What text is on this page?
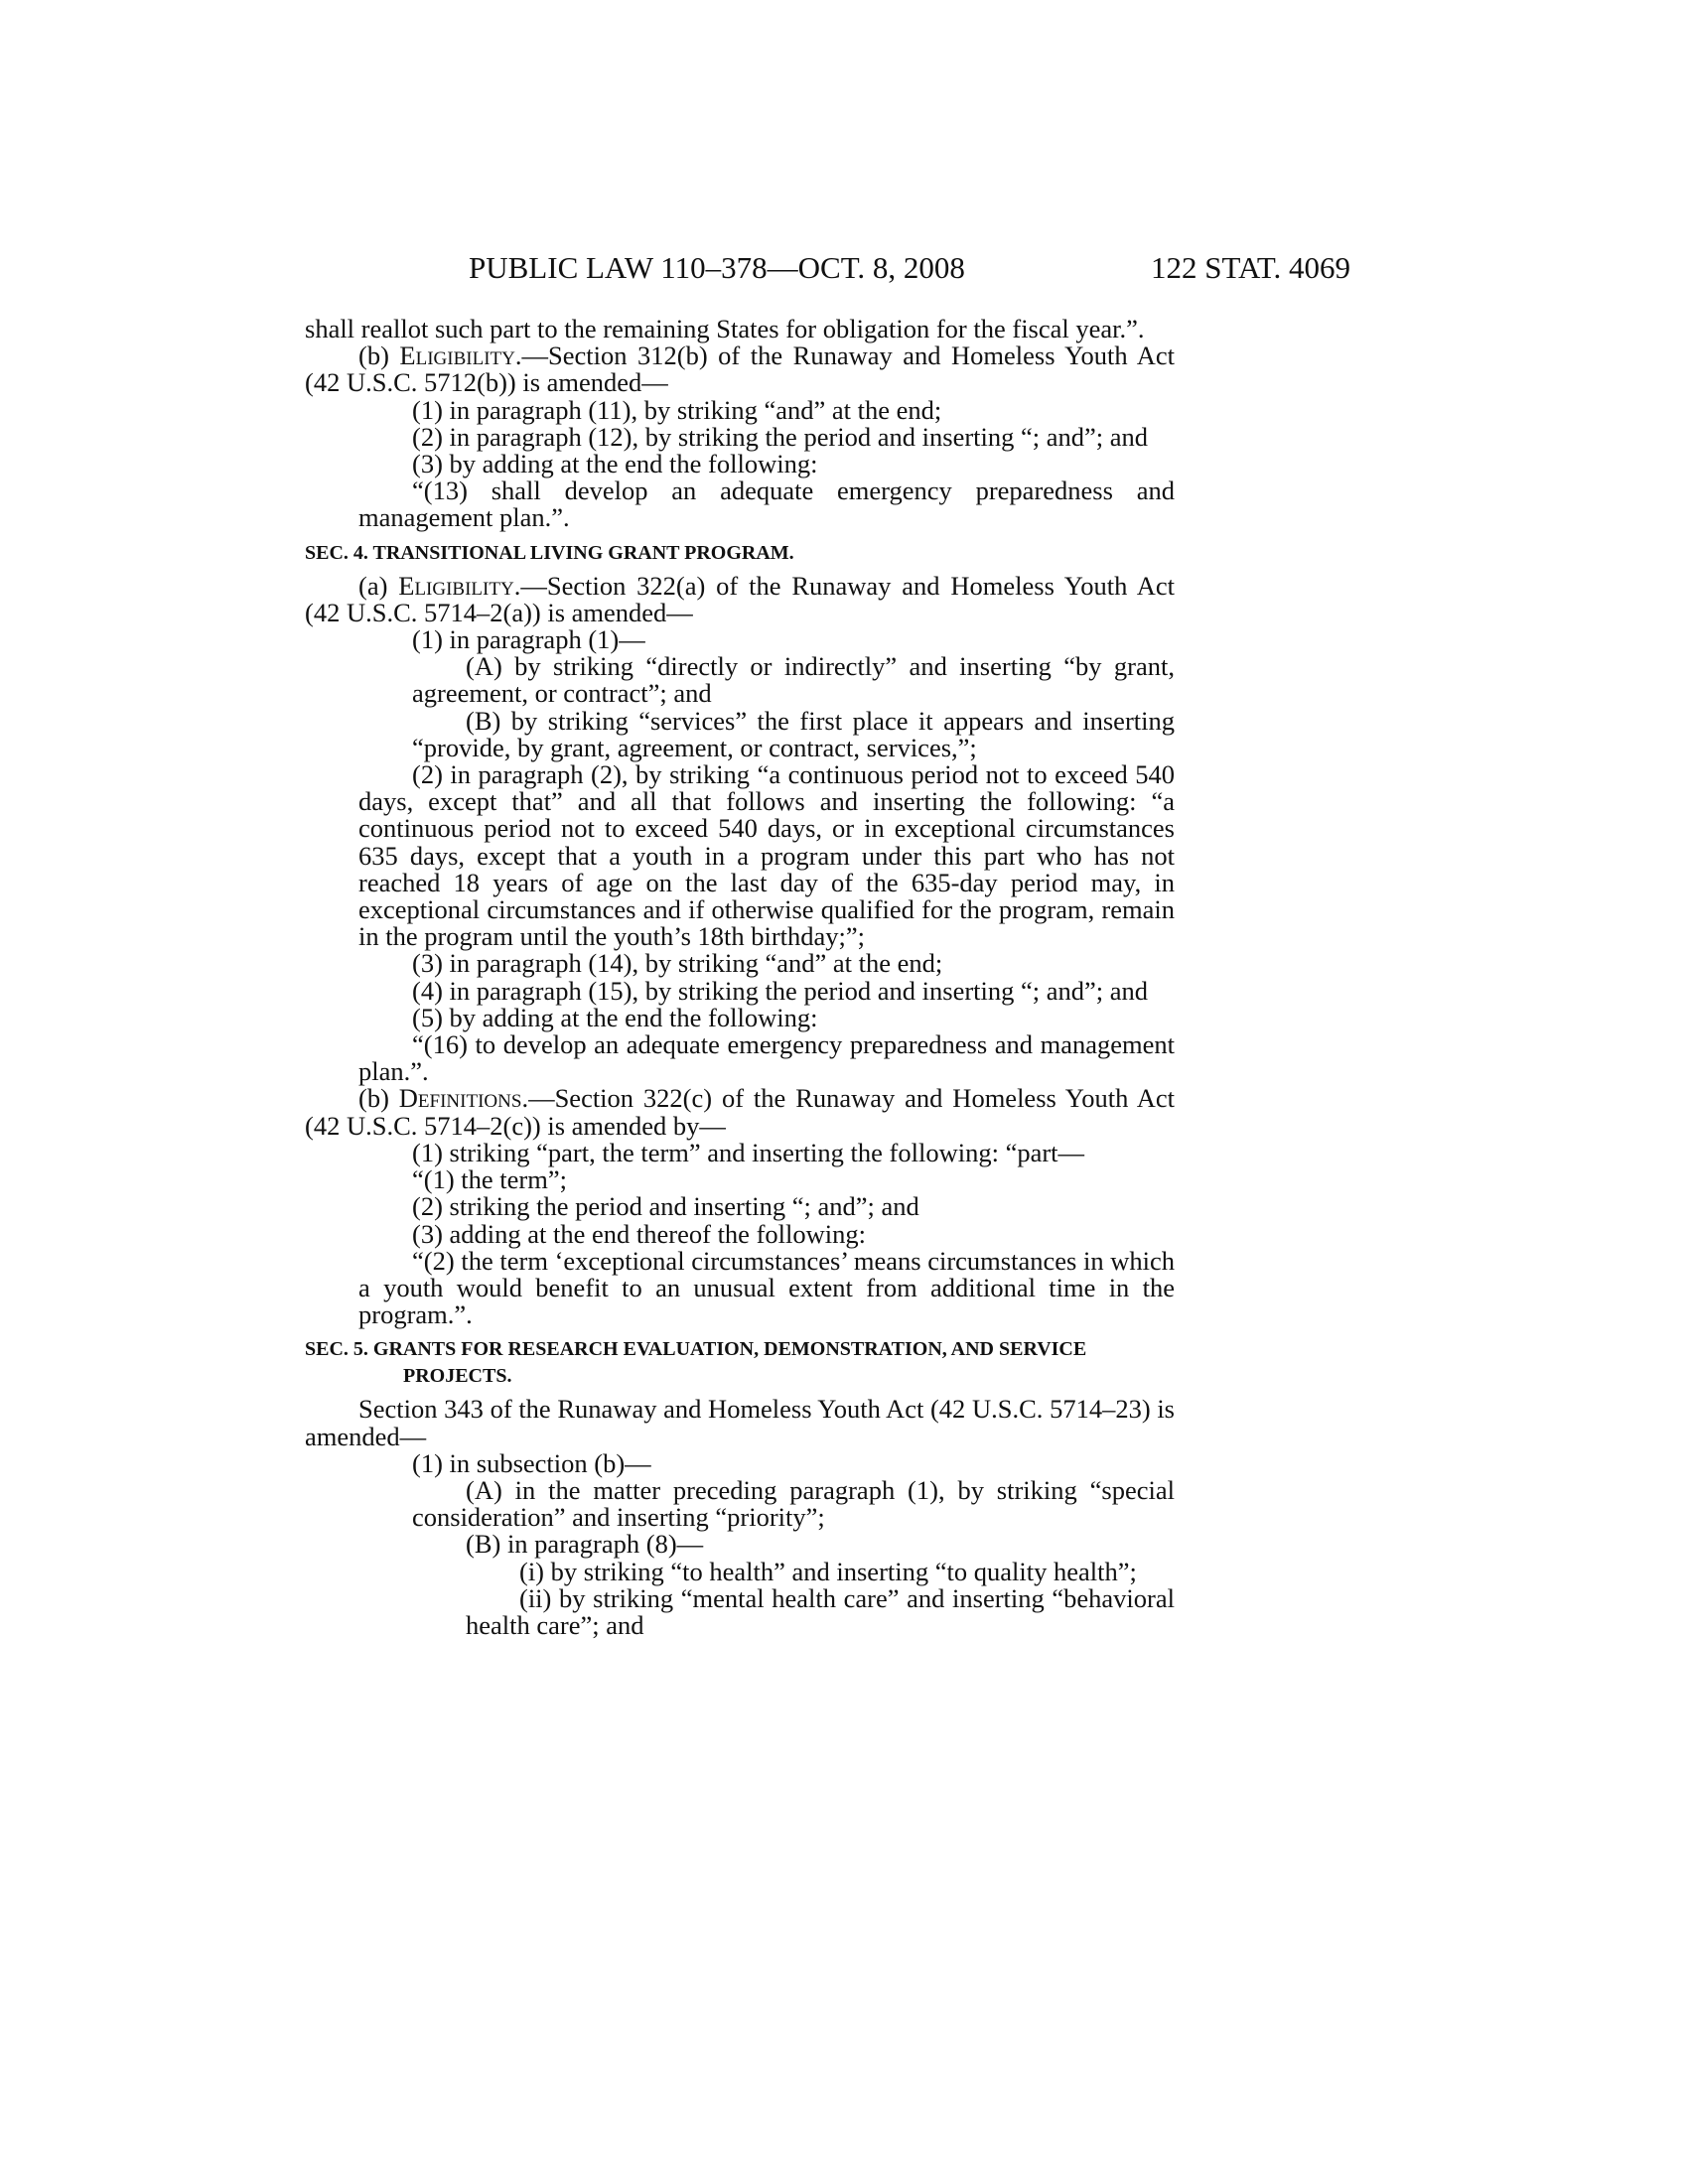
PUBLIC LAW 110–378—OCT. 8, 2008	122 STAT. 4069

shall reallot such part to the remaining States for obligation for the fiscal year.”.

(b) Eligibility.—Section 312(b) of the Runaway and Homeless Youth Act (42 U.S.C. 5712(b)) is amended—

(1) in paragraph (11), by striking “and” at the end;

(2) in paragraph (12), by striking the period and inserting “; and”; and

(3) by adding at the end the following:

“(13) shall develop an adequate emergency preparedness and management plan.”.

SEC. 4. TRANSITIONAL LIVING GRANT PROGRAM.

(a) Eligibility.—Section 322(a) of the Runaway and Homeless Youth Act (42 U.S.C. 5714–2(a)) is amended—

(1) in paragraph (1)—

(A) by striking “directly or indirectly” and inserting “by grant, agreement, or contract”; and

(B) by striking “services” the first place it appears and inserting “provide, by grant, agreement, or contract, services,”;

(2) in paragraph (2), by striking “a continuous period not to exceed 540 days, except that” and all that follows and inserting the following: “a continuous period not to exceed 540 days, or in exceptional circumstances 635 days, except that a youth in a program under this part who has not reached 18 years of age on the last day of the 635-day period may, in exceptional circumstances and if otherwise qualified for the program, remain in the program until the youth’s 18th birthday;”;

(3) in paragraph (14), by striking “and” at the end;

(4) in paragraph (15), by striking the period and inserting “; and”; and

(5) by adding at the end the following:

“(16) to develop an adequate emergency preparedness and management plan.”.

(b) Definitions.—Section 322(c) of the Runaway and Homeless Youth Act (42 U.S.C. 5714–2(c)) is amended by—

(1) striking “part, the term” and inserting the following: “part—

“(1) the term”;

(2) striking the period and inserting “; and”; and

(3) adding at the end thereof the following:

“(2) the term ‘exceptional circumstances’ means circumstances in which a youth would benefit to an unusual extent from additional time in the program.”.

SEC. 5. GRANTS FOR RESEARCH EVALUATION, DEMONSTRATION, AND SERVICE PROJECTS.

Section 343 of the Runaway and Homeless Youth Act (42 U.S.C. 5714–23) is amended—

(1) in subsection (b)—

(A) in the matter preceding paragraph (1), by striking “special consideration” and inserting “priority”;

(B) in paragraph (8)—

(i) by striking “to health” and inserting “to quality health”;

(ii) by striking “mental health care” and inserting “behavioral health care”; and
